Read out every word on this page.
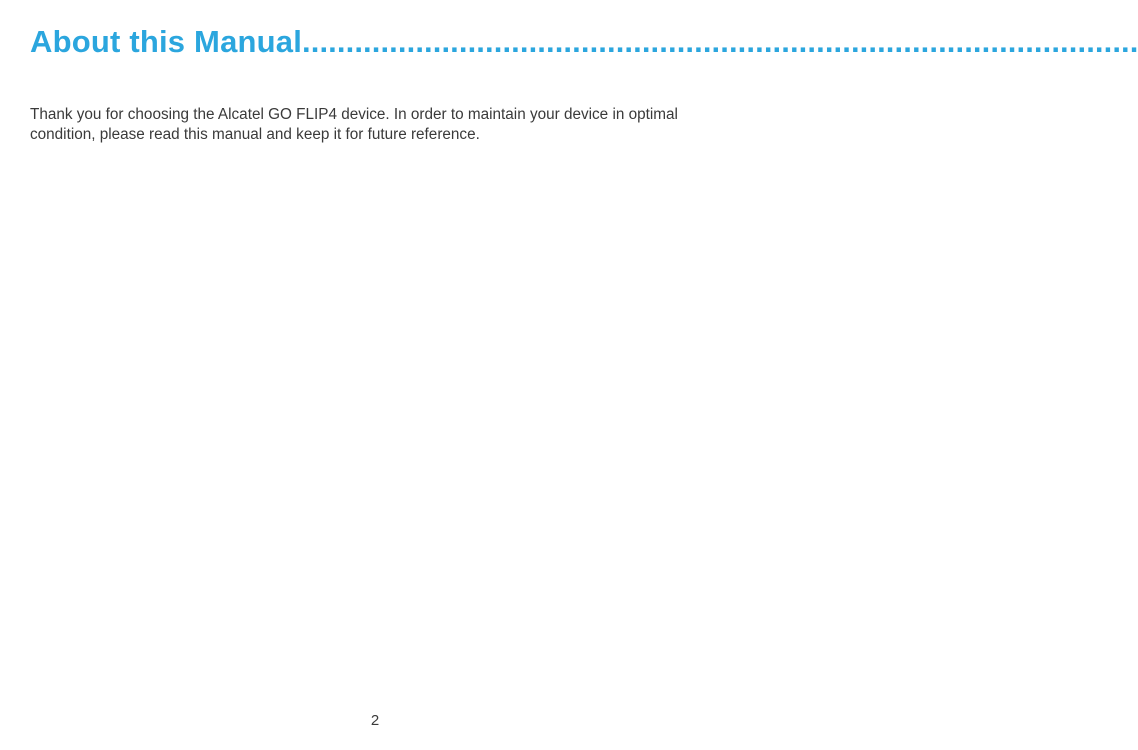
About this Manual ................................................................................................

Thank you for choosing the Alcatel GO FLIP4 device. In order to maintain your device in optimal condition, please read this manual and keep it for future reference.

2
